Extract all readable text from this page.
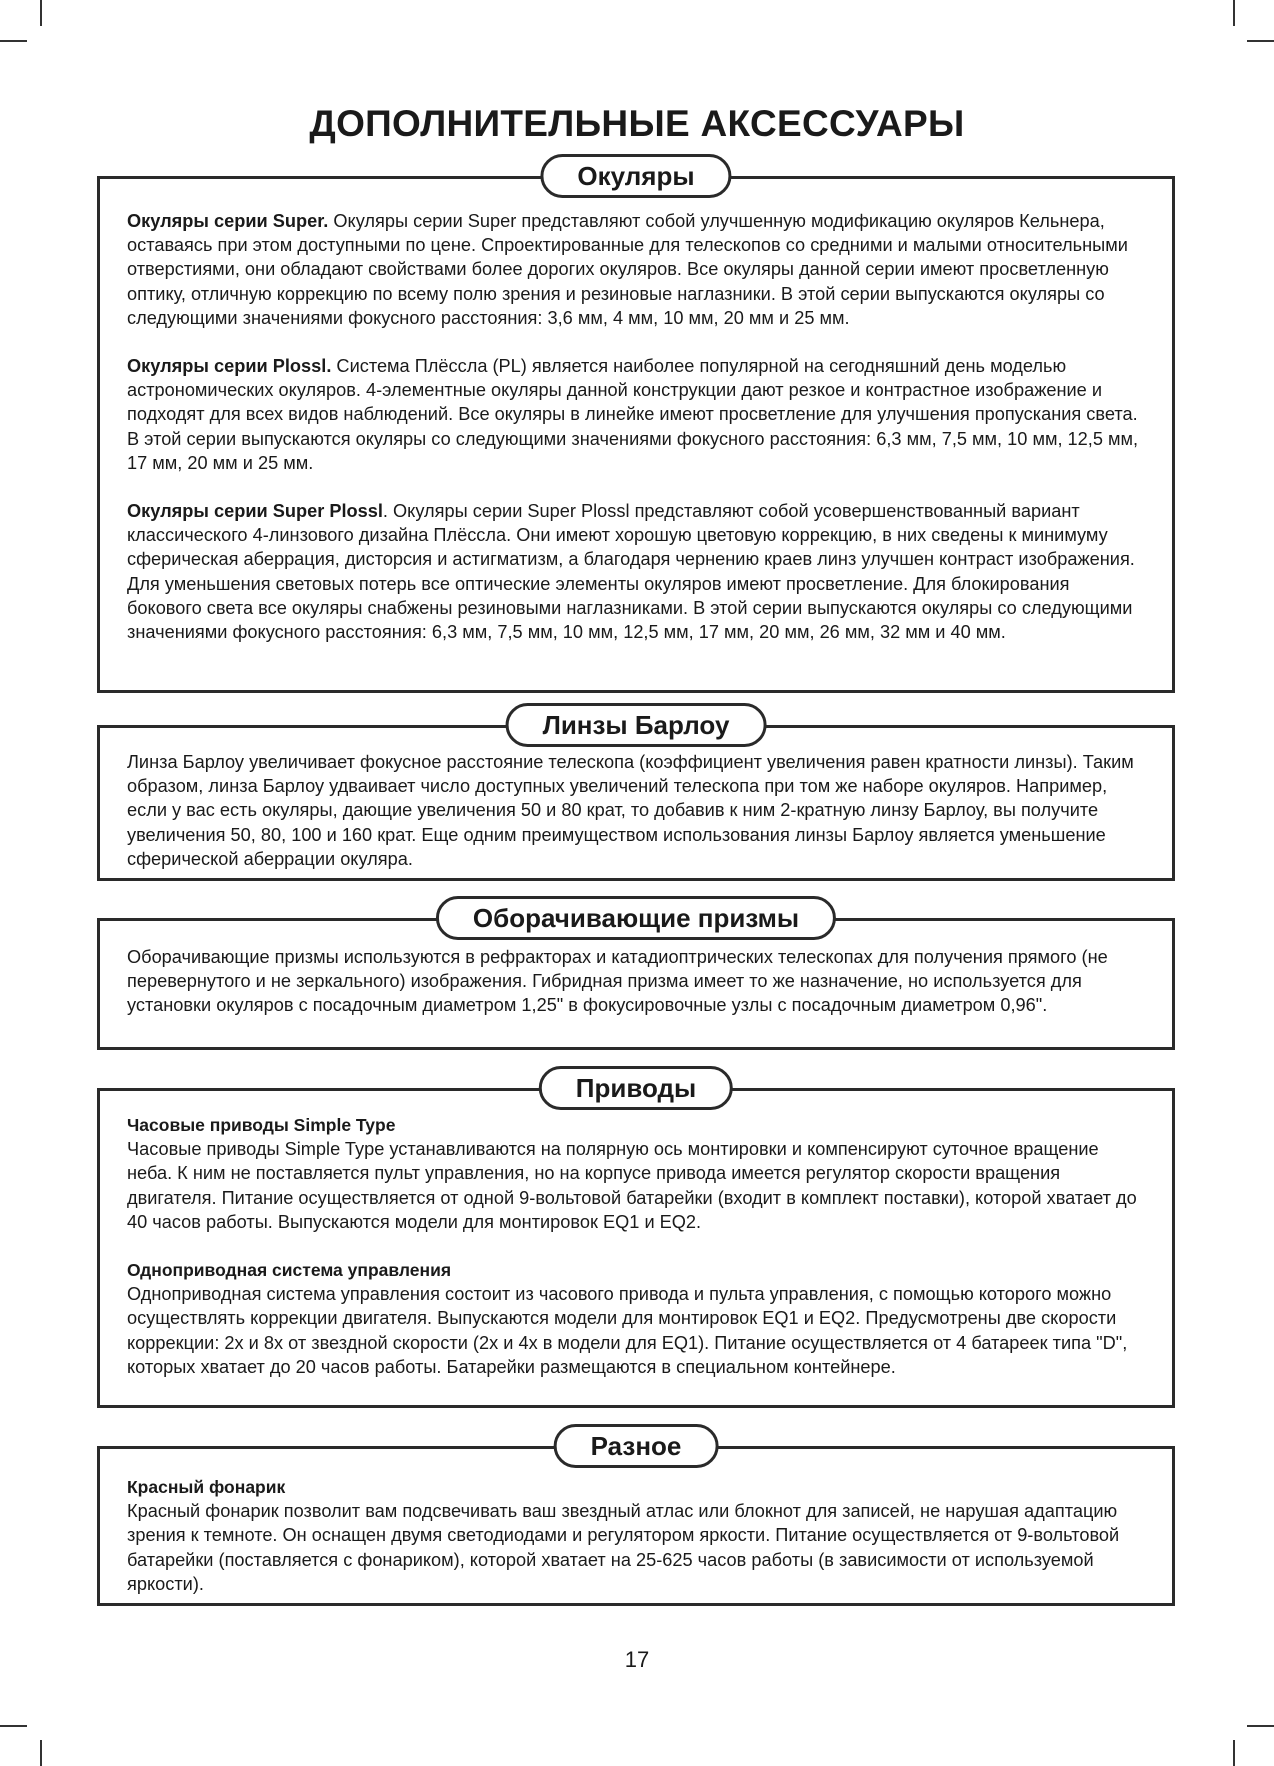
ДОПОЛНИТЕЛЬНЫЕ АКСЕССУАРЫ
Окуляры

Окуляры серии Super. Окуляры серии Super представляют собой улучшенную модификацию окуляров Кельнера, оставаясь при этом доступными по цене. Спроектированные для телескопов со средними и малыми относительными отверстиями, они обладают свойствами более дорогих окуляров. Все окуляры данной серии имеют просветленную оптику, отличную коррекцию по всему полю зрения и резиновые наглазники. В этой серии выпускаются окуляры со следующими значениями фокусного расстояния: 3,6 мм, 4 мм, 10 мм, 20 мм и 25 мм.

Окуляры серии Plossl. Система Плёссла (PL) является наиболее популярной на сегодняшний день моделью астрономических окуляров. 4-элементные окуляры данной конструкции дают резкое и контрастное изображение и подходят для всех видов наблюдений. Все окуляры в линейке имеют просветление для улучшения пропускания света. В этой серии выпускаются окуляры со следующими значениями фокусного расстояния: 6,3 мм, 7,5 мм, 10 мм, 12,5 мм, 17 мм, 20 мм и 25 мм.

Окуляры серии Super Plossl. Окуляры серии Super Plossl представляют собой усовершенствованный вариант классического 4-линзового дизайна Плёссла. Они имеют хорошую цветовую коррекцию, в них сведены к минимуму сферическая аберрация, дисторсия и астигматизм, а благодаря чернению краев линз улучшен контраст изображения. Для уменьшения световых потерь все оптические элементы окуляров имеют просветление. Для блокирования бокового света все окуляры снабжены резиновыми наглазниками. В этой серии выпускаются окуляры со следующими значениями фокусного расстояния: 6,3 мм, 7,5 мм, 10 мм, 12,5 мм, 17 мм, 20 мм, 26 мм, 32 мм и 40 мм.

Линзы Барлоу

Линза Барлоу увеличивает фокусное расстояние телескопа (коэффициент увеличения равен кратности линзы). Таким образом, линза Барлоу удваивает число доступных увеличений телескопа при том же наборе окуляров. Например, если у вас есть окуляры, дающие увеличения 50 и 80 крат, то добавив к ним 2-кратную линзу Барлоу, вы получите увеличения 50, 80, 100 и 160 крат. Еще одним преимуществом использования линзы Барлоу является уменьшение сферической аберрации окуляра.

Оборачивающие призмы

Оборачивающие призмы используются в рефракторах и катадиоптрических телескопах для получения прямого (не перевернутого и не зеркального) изображения. Гибридная призма имеет то же назначение, но используется для установки окуляров с посадочным диаметром 1,25" в фокусировочные узлы с посадочным диаметром 0,96".

Приводы

Часовые приводы Simple Type
Часовые приводы Simple Type устанавливаются на полярную ось монтировки и компенсируют суточное вращение неба. К ним не поставляется пульт управления, но на корпусе привода имеется регулятор скорости вращения двигателя. Питание осуществляется от одной 9-вольтовой батарейки (входит в комплект поставки), которой хватает до 40 часов работы. Выпускаются модели для монтировок EQ1 и EQ2.

Одноприводная система управления
Одноприводная система управления состоит из часового привода и пульта управления, с помощью которого можно осуществлять коррекции двигателя. Выпускаются модели для монтировок EQ1 и EQ2. Предусмотрены две скорости коррекции: 2х и 8х от звездной скорости (2х и 4х в модели для EQ1). Питание осуществляется от 4 батареек типа "D", которых хватает до 20 часов работы. Батарейки размещаются в специальном контейнере.

Разное

Красный фонарик
Красный фонарик позволит вам подсвечивать ваш звездный атлас или блокнот для записей, не нарушая адаптацию зрения к темноте. Он оснащен двумя светодиодами и регулятором яркости. Питание осуществляется от 9-вольтовой батарейки (поставляется с фонариком), которой хватает на 25-625 часов работы (в зависимости от используемой яркости).

17
